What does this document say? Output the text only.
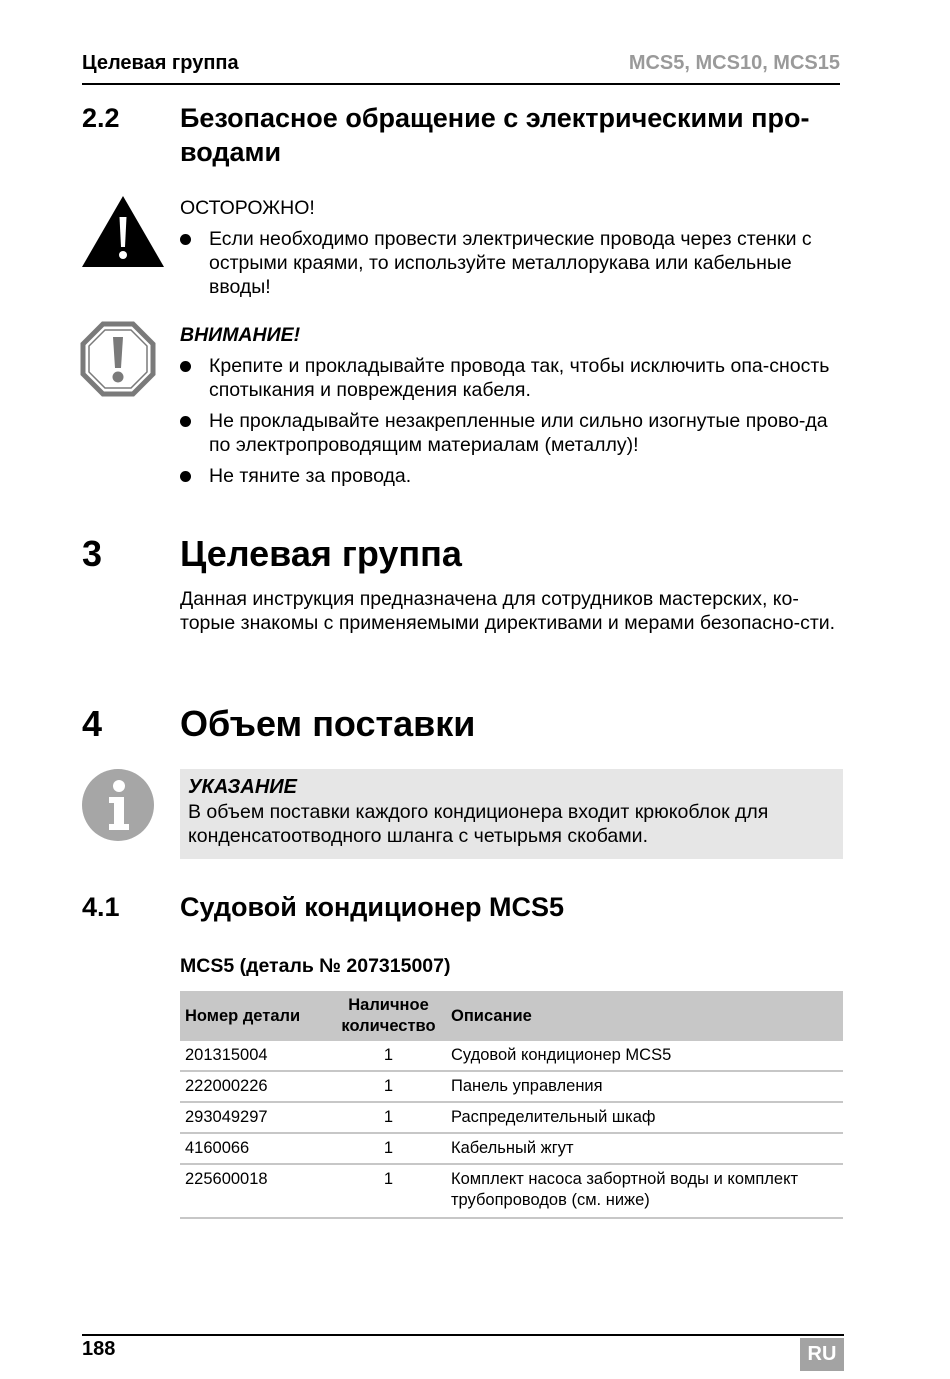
Целевая группа	MCS5, MCS10, MCS15
2.2 Безопасное обращение с электрическими про-
водами
ОСТОРОЖНО!
Если необходимо провести электрические провода через стенки с острыми краями, то используйте металлорукава или кабельные вводы!
ВНИМАНИЕ!
Крепите и прокладывайте провода так, чтобы исключить опа-сность спотыкания и повреждения кабеля.
Не прокладывайте незакрепленные или сильно изогнутые прово-да по электропроводящим материалам (металлу)!
Не тяните за провода.
3 Целевая группа
Данная инструкция предназначена для сотрудников мастерских, ко-торые знакомы с применяемыми директивами и мерами безопасно-сти.
4 Объем поставки
УКАЗАНИЕ
В объем поставки каждого кондиционера входит крюкоблок для конденсатоотводного шланга с четырьмя скобами.
4.1 Судовой кондиционер MCS5
MCS5 (деталь № 207315007)
Номер детали	Наличное количество	Описание
201315004	1	Судовой кондиционер MCS5
222000226	1	Панель управления
293049297	1	Распределительный шкаф
4160066	1	Кабельный жгут
225600018	1	Комплект насоса забортной воды и комплект трубопроводов (см. ниже)
188	RU
